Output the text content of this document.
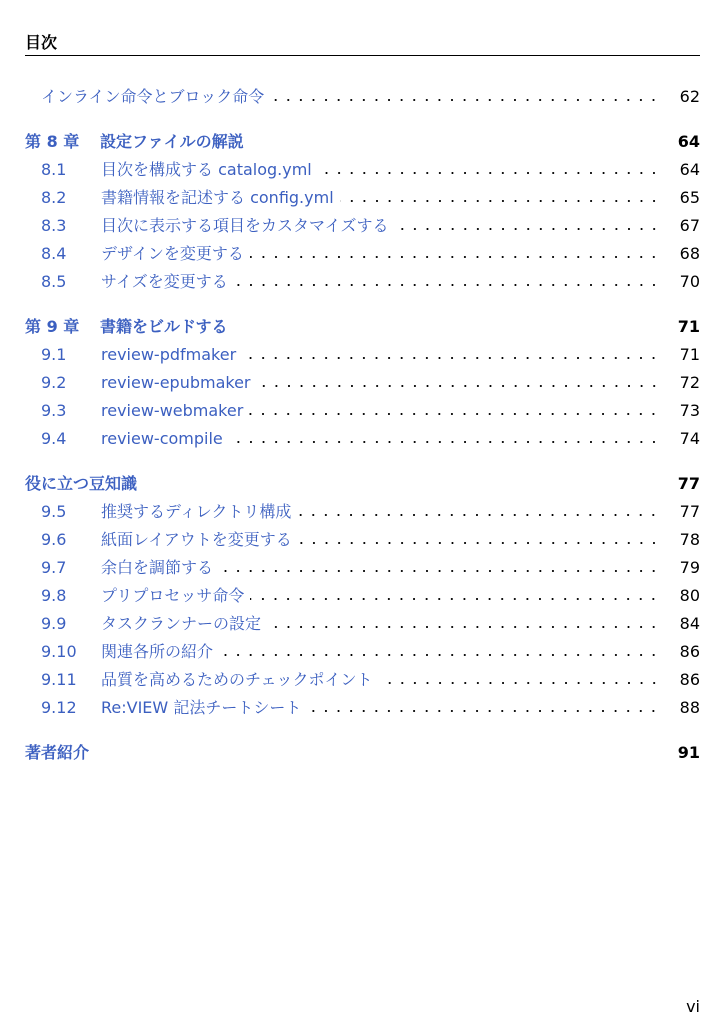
目次
インライン命令とブロック命令	62
第 8 章	設定ファイルの解説	64
8.1	目次を構成する catalog.yml	64
8.2	書籍情報を記述する config.yml	65
8.3	目次に表示する項目をカスタマイズする	67
8.4	デザインを変更する	68
8.5	サイズを変更する	70
第 9 章	書籍をビルドする	71
9.1	review-pdfmaker	71
9.2	review-epubmaker	72
9.3	review-webmaker	73
9.4	review-compile	74
役に立つ豆知識	77
9.5	推奨するディレクトリ構成	77
9.6	紙面レイアウトを変更する	78
9.7	余白を調節する	79
9.8	プリプロセッサ命令	80
9.9	タスクランナーの設定	84
9.10	関連各所の紹介	86
9.11	品質を高めるためのチェックポイント	86
9.12	Re:VIEW 記法チートシート	88
著者紹介	91
vi
